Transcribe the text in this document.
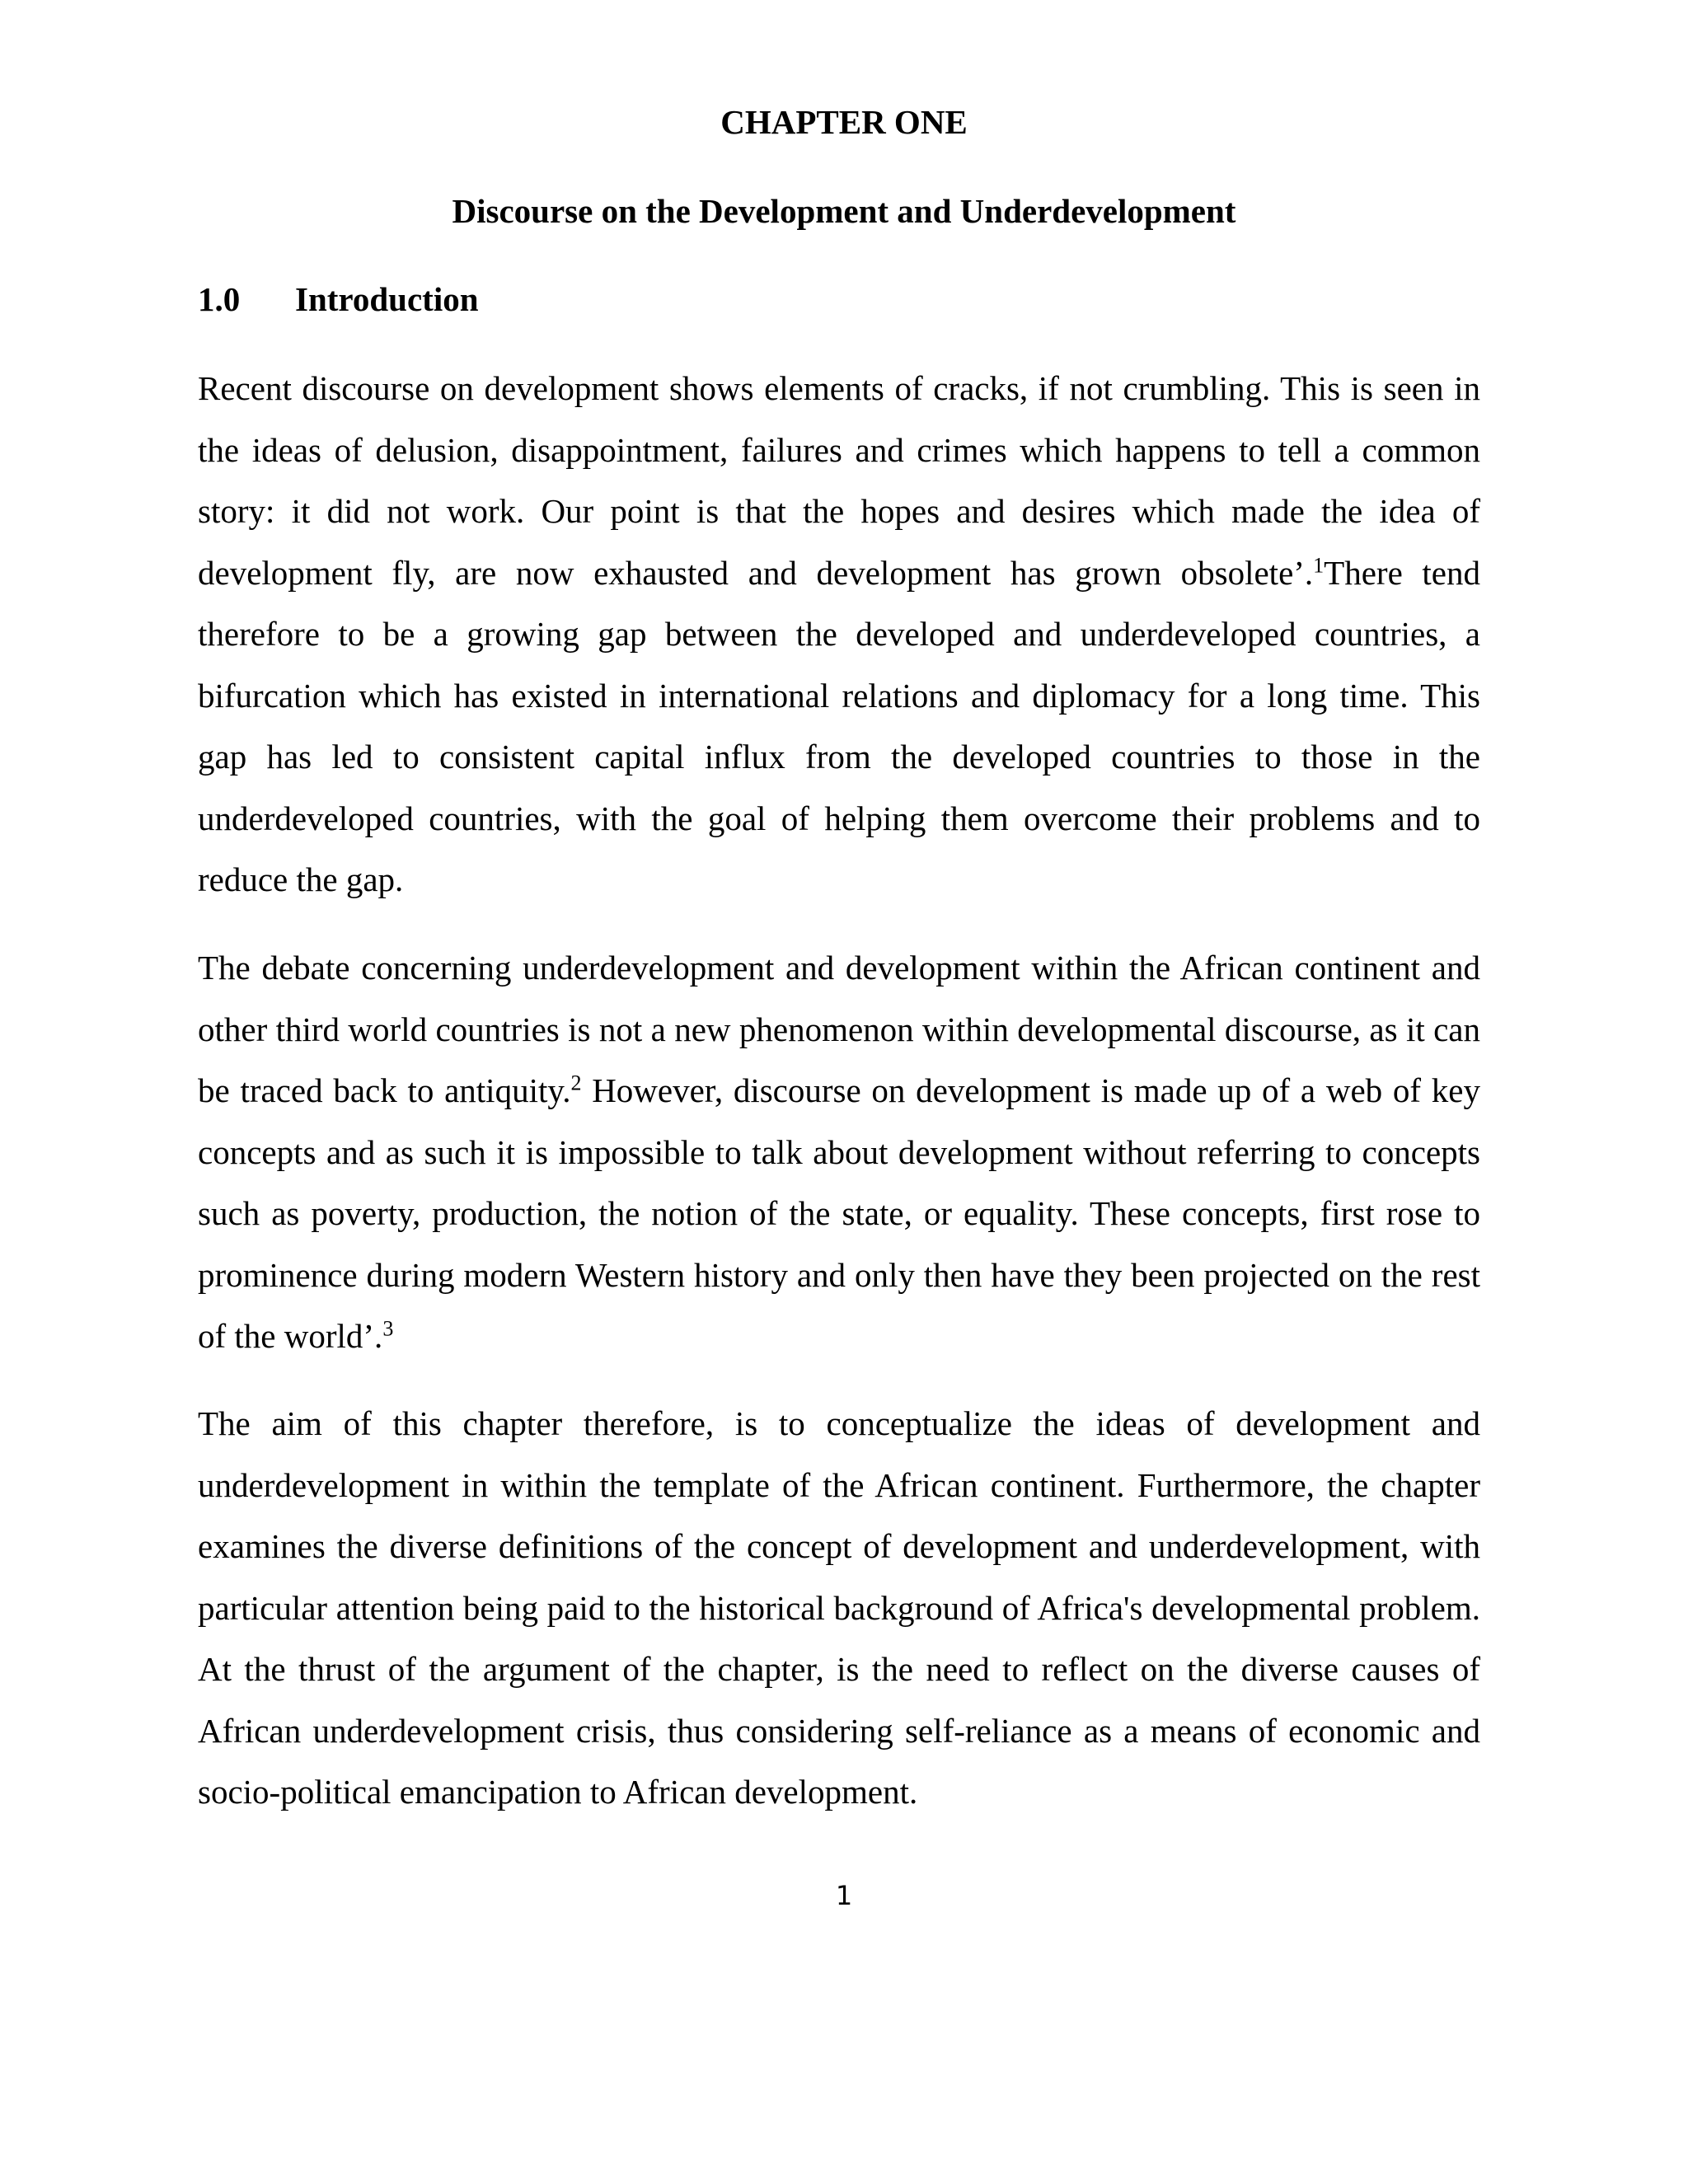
CHAPTER ONE
Discourse on the Development and Underdevelopment
1.0 Introduction

Recent discourse on development shows elements of cracks, if not crumbling. This is seen in the ideas of delusion, disappointment, failures and crimes which happens to tell a common story: it did not work. Our point is that the hopes and desires which made the idea of development fly, are now exhausted and development has grown obsolete’.$^1$There tend therefore to be a growing gap between the developed and underdeveloped countries, a bifurcation which has existed in international relations and diplomacy for a long time. This gap has led to consistent capital influx from the developed countries to those in the underdeveloped countries, with the goal of helping them overcome their problems and to reduce the gap.

The debate concerning underdevelopment and development within the African continent and other third world countries is not a new phenomenon within developmental discourse, as it can be traced back to antiquity.$^2$ However, discourse on development is made up of a web of key concepts and as such it is impossible to talk about development without referring to concepts such as poverty, production, the notion of the state, or equality. These concepts, first rose to prominence during modern Western history and only then have they been projected on the rest of the world’.$^3$

The aim of this chapter therefore, is to conceptualize the ideas of development and underdevelopment in within the template of the African continent. Furthermore, the chapter examines the diverse definitions of the concept of development and underdevelopment, with particular attention being paid to the historical background of Africa's developmental problem. At the thrust of the argument of the chapter, is the need to reflect on the diverse causes of African underdevelopment crisis, thus considering self-reliance as a means of economic and socio-political emancipation to African development.

1
